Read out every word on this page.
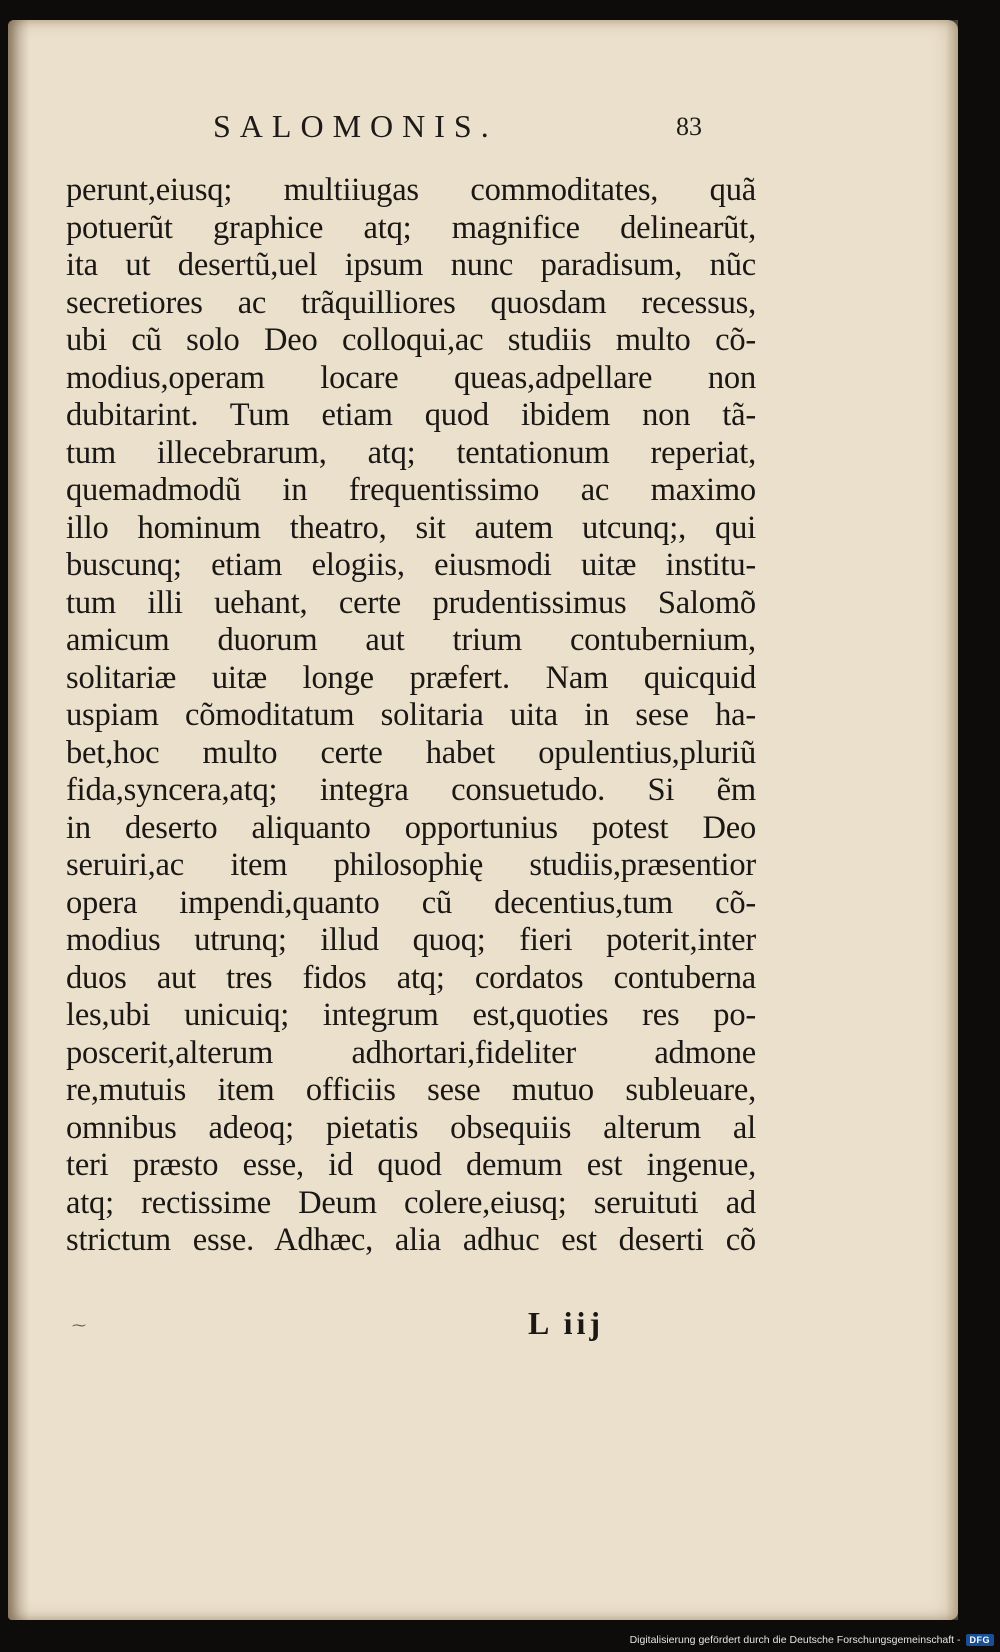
SALOMONIS.	83
perunt,eiusq; multiiugas commoditates, quã
potuerũt graphice atq; magnifice delinearũt,
ita ut desertũ,uel ipsum nunc paradisum, nũc
secretiores ac trãquilliores quosdam recessus,
ubi cũ solo Deo colloqui,ac studiis multo cõ-
modius,operam locare queas,adpellare non
dubitarint. Tum etiam quod ibidem non tã-
tum illecebrarum, atq; tentationum reperiat,
quemadmodũ in frequentissimo ac maximo
illo hominum theatro, sit autem utcunq;, qui
buscunq; etiam elogiis, eiusmodi uitæ institu-
tum illi uehant, certe prudentissimus Salomõ
amicum duorum aut trium contubernium,
solitariæ uitæ longe præfert. Nam quicquid
uspiam cõmoditatum solitaria uita in sese ha-
bet,hoc multo certe habet opulentius,pluriũ
fida,syncera,atq; integra consuetudo. Si ẽm
in deserto aliquanto opportunius potest Deo
seruiri,ac item philosophię studiis,præsentior
opera impendi,quanto cũ decentius,tum cõ-
modius utrunq; illud quoq; fieri poterit,inter
duos aut tres fidos atq; cordatos contuberna
les,ubi unicuiq; integrum est,quoties res po-
poscerit,alterum adhortari,fideliter admone
re,mutuis item officiis sese mutuo subleuare,
omnibus adeoq; pietatis obsequiis alterum al
teri præsto esse, id quod demum est ingenue,
atq; rectissime Deum colere,eiusq; seruituti ad
strictum esse. Adhæc, alia adhuc est deserti cõ
⁓	L iij
Digitalisierung gefördert durch die Deutsche Forschungsgemeinschaft -	DFG
